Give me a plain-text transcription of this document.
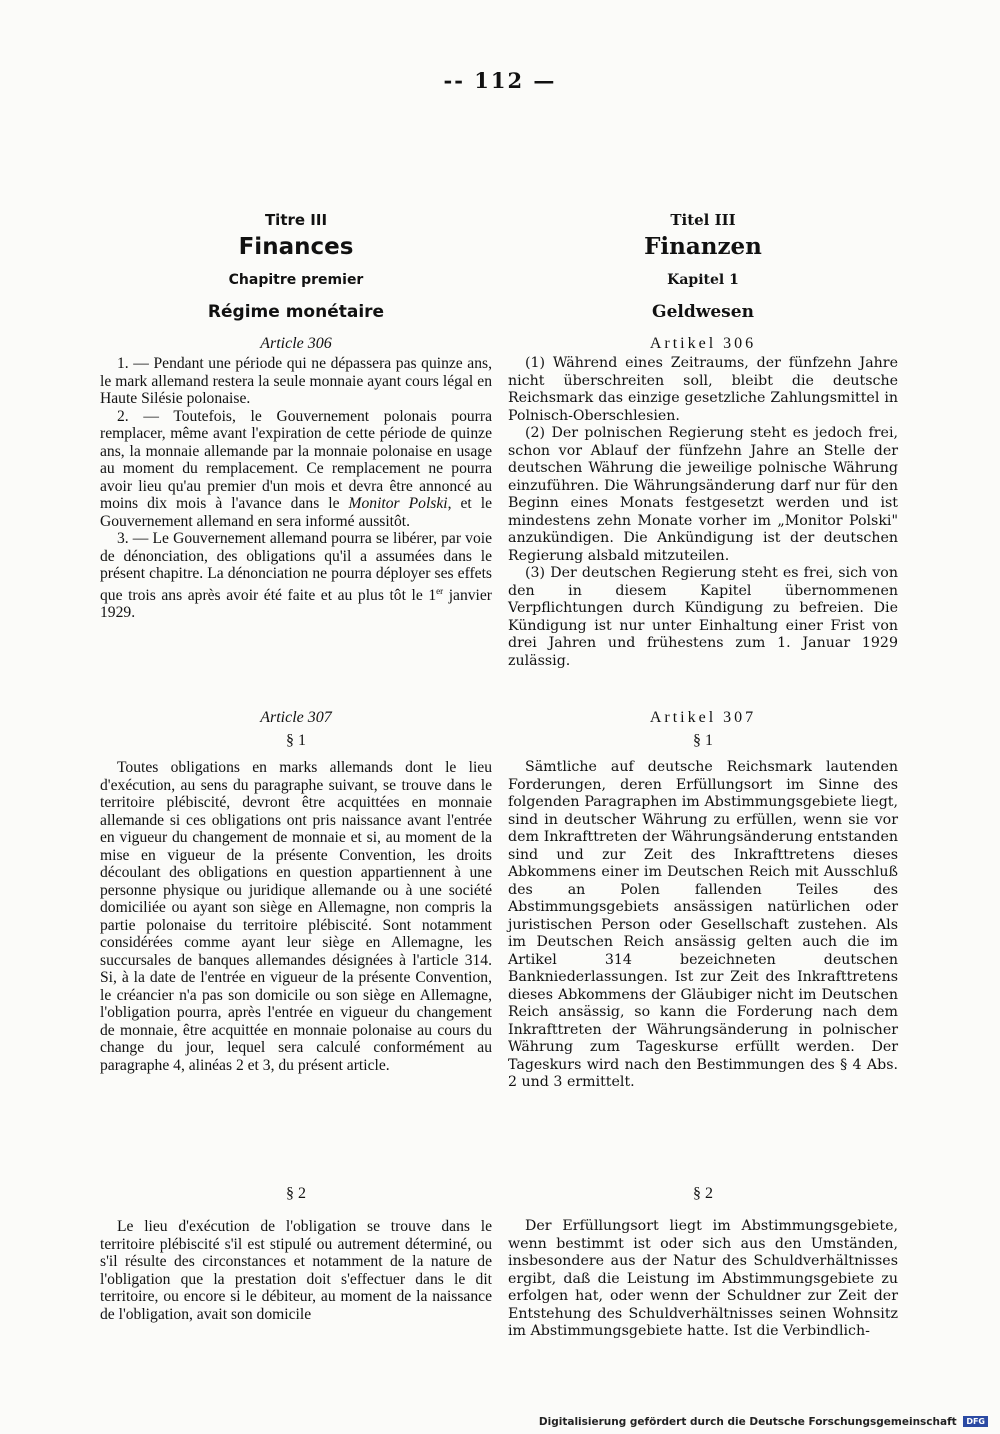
-- 112 —
Titre III
Finances
Chapitre premier
Régime monétaire
Article 306

1. — Pendant une période qui ne dépassera pas quinze ans, le mark allemand restera la seule monnaie ayant cours légal en Haute Silésie polonaise.

2. — Toutefois, le Gouvernement polonais pourra remplacer, même avant l'expiration de cette période de quinze ans, la monnaie allemande par la monnaie polonaise en usage au moment du remplacement. Ce remplacement ne pourra avoir lieu qu'au premier d'un mois et devra être annoncé au moins dix mois à l'avance dans le Monitor Polski, et le Gouvernement allemand en sera informé aussitôt.

3. — Le Gouvernement allemand pourra se libérer, par voie de dénonciation, des obligations qu'il a assumées dans le présent chapitre. La dénonciation ne pourra déployer ses effets que trois ans après avoir été faite et au plus tôt le 1er janvier 1929.

Article 307
§ 1

Toutes obligations en marks allemands dont le lieu d'exécution, au sens du paragraphe suivant, se trouve dans le territoire plébiscité, devront être acquittées en monnaie allemande si ces obligations ont pris naissance avant l'entrée en vigueur du changement de monnaie et si, au moment de la mise en vigueur de la présente Convention, les droits découlant des obligations en question appartiennent à une personne physique ou juridique allemande ou à une société domiciliée ou ayant son siège en Allemagne, non compris la partie polonaise du territoire plébiscité. Sont notamment considérées comme ayant leur siège en Allemagne, les succursales de banques allemandes désignées à l'article 314. Si, à la date de l'entrée en vigueur de la présente Convention, le créancier n'a pas son domicile ou son siège en Allemagne, l'obligation pourra, après l'entrée en vigueur du changement de monnaie, être acquittée en monnaie polonaise au cours du change du jour, lequel sera calculé conformément au paragraphe 4, alinéas 2 et 3, du présent article.

§ 2

Le lieu d'exécution de l'obligation se trouve dans le territoire plébiscité s'il est stipulé ou autrement déterminé, ou s'il résulte des circonstances et notamment de la nature de l'obligation que la prestation doit s'effectuer dans le dit territoire, ou encore si le débiteur, au moment de la naissance de l'obligation, avait son domicile

Titel III
Finanzen
Kapitel 1
Geldwesen
Artikel 306

(1) Während eines Zeitraums, der fünfzehn Jahre nicht überschreiten soll, bleibt die deutsche Reichsmark das einzige gesetzliche Zahlungsmittel in Polnisch-Oberschlesien.

(2) Der polnischen Regierung steht es jedoch frei, schon vor Ablauf der fünfzehn Jahre an Stelle der deutschen Währung die jeweilige polnische Währung einzuführen. Die Währungsänderung darf nur für den Beginn eines Monats festgesetzt werden und ist mindestens zehn Monate vorher im „Monitor Polski" anzukündigen. Die Ankündigung ist der deutschen Regierung alsbald mitzuteilen.

(3) Der deutschen Regierung steht es frei, sich von den in diesem Kapitel übernommenen Verpflichtungen durch Kündigung zu befreien. Die Kündigung ist nur unter Einhaltung einer Frist von drei Jahren und frühestens zum 1. Januar 1929 zulässig.

Artikel 307
§ 1

Sämtliche auf deutsche Reichsmark lautenden Forderungen, deren Erfüllungsort im Sinne des folgenden Paragraphen im Abstimmungsgebiete liegt, sind in deutscher Währung zu erfüllen, wenn sie vor dem Inkrafttreten der Währungsänderung entstanden sind und zur Zeit des Inkrafttretens dieses Abkommens einer im Deutschen Reich mit Ausschluß des an Polen fallenden Teiles des Abstimmungsgebiets ansässigen natürlichen oder juristischen Person oder Gesellschaft zustehen. Als im Deutschen Reich ansässig gelten auch die im Artikel 314 bezeichneten deutschen Bankniederlassungen. Ist zur Zeit des Inkrafttretens dieses Abkommens der Gläubiger nicht im Deutschen Reich ansässig, so kann die Forderung nach dem Inkrafttreten der Währungsänderung in polnischer Währung zum Tageskurse erfüllt werden. Der Tageskurs wird nach den Bestimmungen des § 4 Abs. 2 und 3 ermittelt.

§ 2

Der Erfüllungsort liegt im Abstimmungsgebiete, wenn bestimmt ist oder sich aus den Umständen, insbesondere aus der Natur des Schuldverhältnisses ergibt, daß die Leistung im Abstimmungsgebiete zu erfolgen hat, oder wenn der Schuldner zur Zeit der Entstehung des Schuldverhältnisses seinen Wohnsitz im Abstimmungsgebiete hatte. Ist die Verbindlich-

Digitalisierung gefördert durch die Deutsche Forschungsgemeinschaft DFG
